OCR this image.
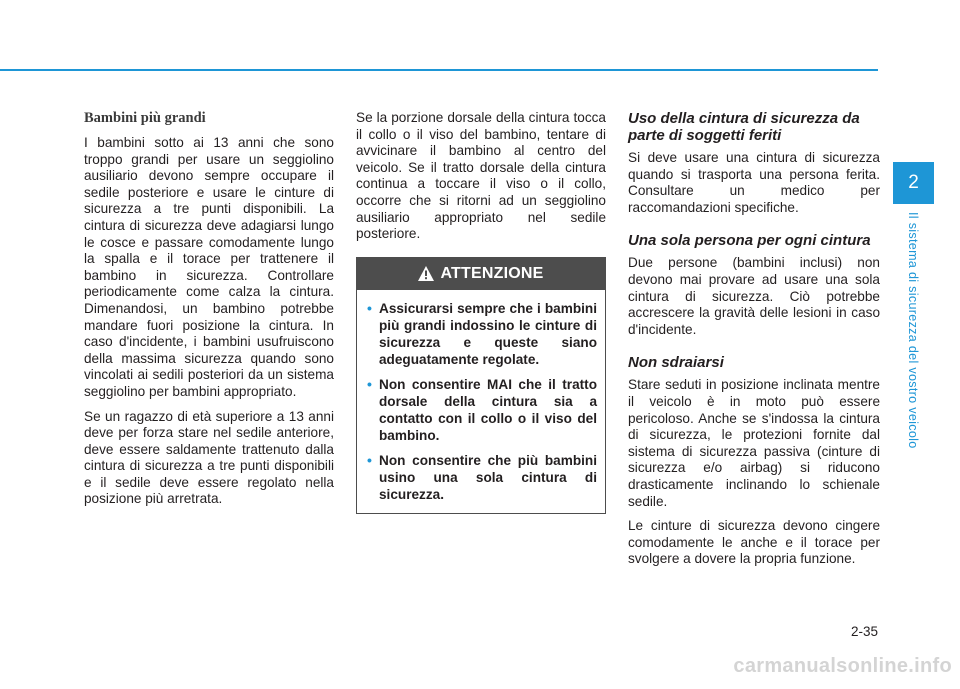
Bambini più grandi

I bambini sotto ai 13 anni che sono troppo grandi per usare un seggiolino ausiliario devono sempre occupare il sedile posteriore e usare le cinture di sicurezza a tre punti disponibili. La cintura di sicurezza deve adagiarsi lungo le cosce e passare comodamente lungo la spalla e il torace per trattenere il bambino in sicurezza. Controllare periodicamente come calza la cintura. Dimenandosi, un bambino potrebbe mandare fuori posizione la cintura. In caso d'incidente, i bambini usufruiscono della massima sicurezza quando sono vincolati ai sedili posteriori da un sistema seggiolino per bambini appropriato.

Se un ragazzo di età superiore a 13 anni deve per forza stare nel sedile anteriore, deve essere saldamente trattenuto dalla cintura di sicurezza a tre punti disponibili e il sedile deve essere regolato nella posizione più arretrata.

Se la porzione dorsale della cintura tocca il collo o il viso del bambino, tentare di avvicinare il bambino al centro del veicolo. Se il tratto dorsale della cintura continua a toccare il viso o il collo, occorre che si ritorni ad un seggiolino ausiliario appropriato nel sedile posteriore.

ATTENZIONE
• Assicurarsi sempre che i bambini più grandi indossino le cinture di sicurezza e queste siano adeguatamente regolate.
• Non consentire MAI che il tratto dorsale della cintura sia a contatto con il collo o il viso del bambino.
• Non consentire che più bambini usino una sola cintura di sicurezza.
Uso della cintura di sicurezza da parte di soggetti feriti

Si deve usare una cintura di sicurezza quando si trasporta una persona ferita. Consultare un medico per raccomandazioni specifiche.

Una sola persona per ogni cintura

Due persone (bambini inclusi) non devono mai provare ad usare una sola cintura di sicurezza. Ciò potrebbe accrescere la gravità delle lesioni in caso d'incidente.

Non sdraiarsi

Stare seduti in posizione inclinata mentre il veicolo è in moto può essere pericoloso. Anche se s'indossa la cintura di sicurezza, le protezioni fornite dal sistema di sicurezza passiva (cinture di sicurezza e/o airbag) si riducono drasticamente inclinando lo schienale sedile.

Le cinture di sicurezza devono cingere comodamente le anche e il torace per svolgere a dovere la propria funzione.

2
Il sistema di sicurezza del vostro veicolo
2-35
carmanualsonline.info
